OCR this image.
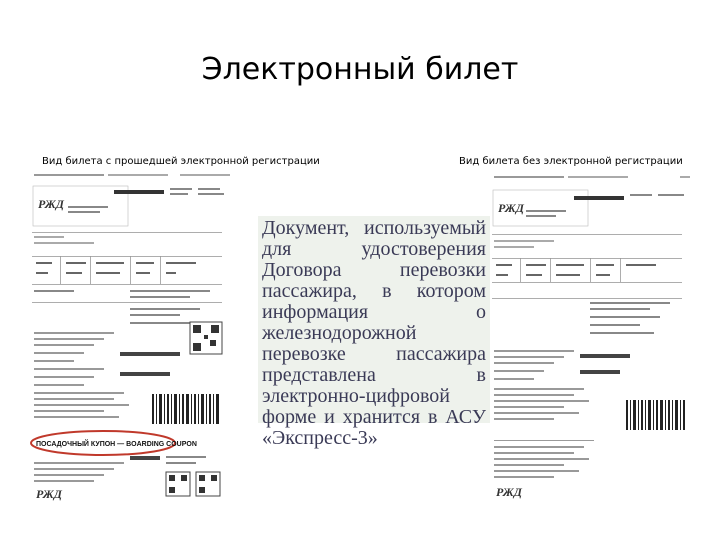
Электронный билет
Вид билета с прошедшей электронной регистрации	Вид билета без электронной регистрации
РЖД
ПОСАДОЧНЫЙ КУПОН — BOARDING COUPON
РЖД
РЖД
РЖД

Документ, используемый для удостоверения Договора перевозки пассажира, в котором информация о железнодорожной перевозке пассажира представлена в электронно-цифровой форме и хранится в АСУ «Экспресс-3»
